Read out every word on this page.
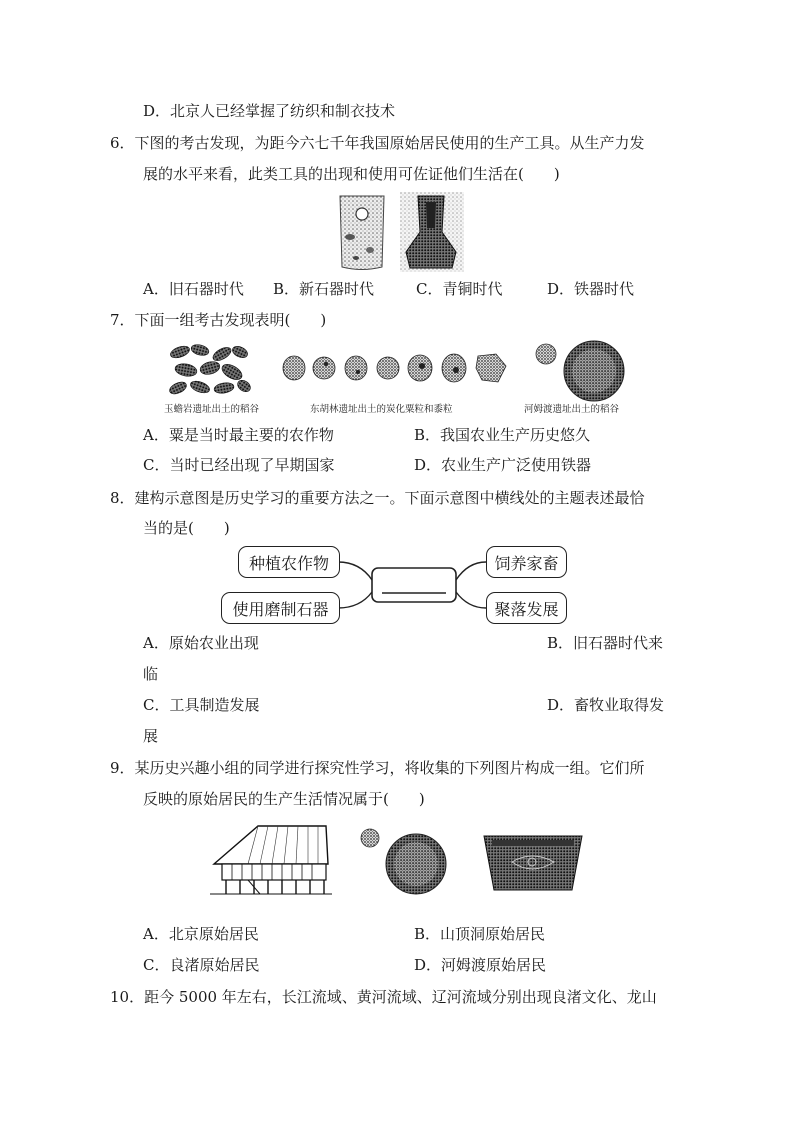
D．北京人已经掌握了纺织和制衣技术
6．下图的考古发现，为距今六七千年我国原始居民使用的生产工具。从生产力发
展的水平来看，此类工具的出现和使用可佐证他们生活在(　　)
A．旧石器时代 B．新石器时代	C．青铜时代	D．铁器时代
7．下面一组考古发现表明(　　)
玉蟾岩遗址出土的稻谷	东胡林遗址出土的炭化粟粒和黍粒	河姆渡遗址出土的稻谷
A．粟是当时最主要的农作物	B．我国农业生产历史悠久
C．当时已经出现了早期国家	D．农业生产广泛使用铁器
8．建构示意图是历史学习的重要方法之一。下面示意图中横线处的主题表述最恰
当的是(　　)
种植农作物
使用磨制石器
饲养家畜
聚落发展
A．原始农业出现	B．旧石器时代来
临
C．工具制造发展	D．畜牧业取得发
展
9．某历史兴趣小组的同学进行探究性学习，将收集的下列图片构成一组。它们所
反映的原始居民的生产生活情况属于(　　)
A．北京原始居民	B．山顶洞原始居民
C．良渚原始居民	D．河姆渡原始居民
10．距今 5000 年左右，长江流域、黄河流域、辽河流域分别出现良渚文化、龙山
